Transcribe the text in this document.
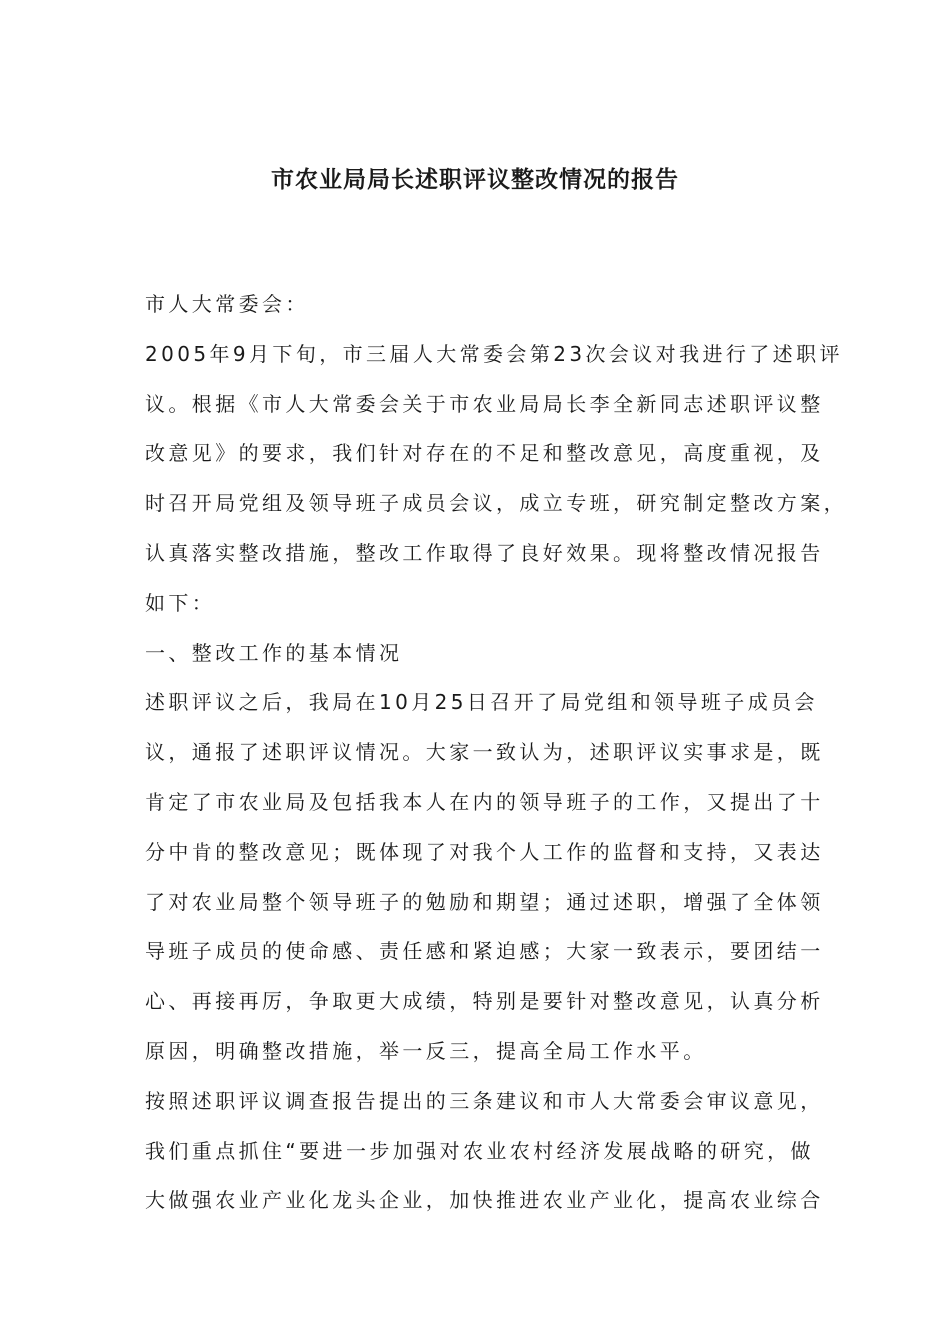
市农业局局长述职评议整改情况的报告
市人大常委会：
2005年9月下旬，市三届人大常委会第23次会议对我进行了述职评
议。根据《市人大常委会关于市农业局局长李全新同志述职评议整
改意见》的要求，我们针对存在的不足和整改意见，高度重视，及
时召开局党组及领导班子成员会议，成立专班，研究制定整改方案，
认真落实整改措施，整改工作取得了良好效果。现将整改情况报告
如下：
一、整改工作的基本情况
述职评议之后，我局在10月25日召开了局党组和领导班子成员会
议，通报了述职评议情况。大家一致认为，述职评议实事求是，既
肯定了市农业局及包括我本人在内的领导班子的工作，又提出了十
分中肯的整改意见；既体现了对我个人工作的监督和支持，又表达
了对农业局整个领导班子的勉励和期望；通过述职，增强了全体领
导班子成员的使命感、责任感和紧迫感；大家一致表示，要团结一
心、再接再厉，争取更大成绩，特别是要针对整改意见，认真分析
原因，明确整改措施，举一反三，提高全局工作水平。
按照述职评议调查报告提出的三条建议和市人大常委会审议意见，
我们重点抓住“要进一步加强对农业农村经济发展战略的研究，做
大做强农业产业化龙头企业，加快推进农业产业化，提高农业综合
